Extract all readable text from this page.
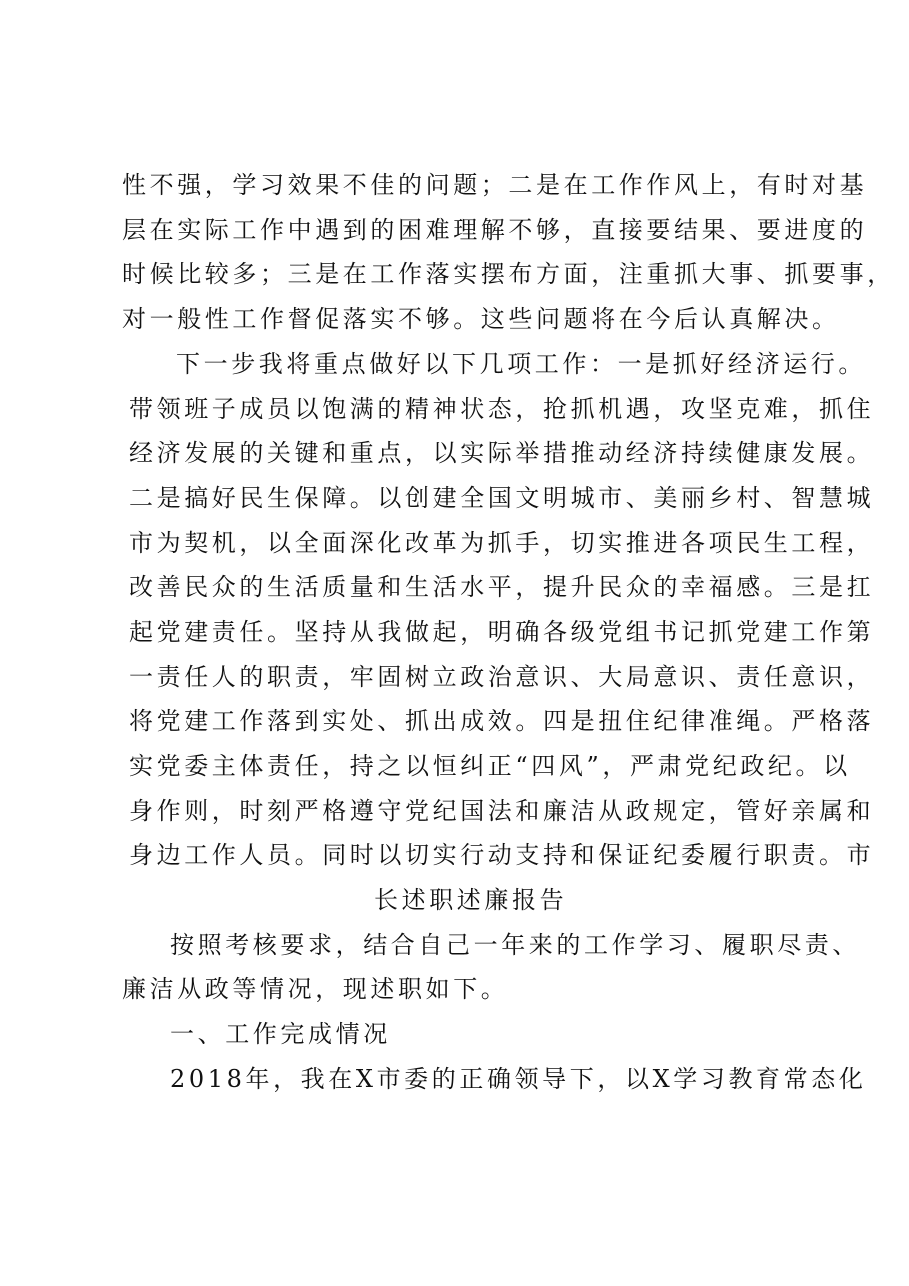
性不强，学习效果不佳的问题；二是在工作作风上，有时对基

层在实际工作中遇到的困难理解不够，直接要结果、要进度的

时候比较多；三是在工作落实摆布方面，注重抓大事、抓要事，

对一般性工作督促落实不够。这些问题将在今后认真解决。

下一步我将重点做好以下几项工作：一是抓好经济运行。

带领班子成员以饱满的精神状态，抢抓机遇，攻坚克难，抓住

经济发展的关键和重点，以实际举措推动经济持续健康发展。

二是搞好民生保障。以创建全国文明城市、美丽乡村、智慧城

市为契机，以全面深化改革为抓手，切实推进各项民生工程，

改善民众的生活质量和生活水平，提升民众的幸福感。三是扛

起党建责任。坚持从我做起，明确各级党组书记抓党建工作第

一责任人的职责，牢固树立政治意识、大局意识、责任意识，

将党建工作落到实处、抓出成效。四是扭住纪律准绳。严格落

实党委主体责任，持之以恒纠正“四风”，严肃党纪政纪。以

身作则，时刻严格遵守党纪国法和廉洁从政规定，管好亲属和

身边工作人员。同时以切实行动支持和保证纪委履行职责。市

长述职述廉报告

按照考核要求，结合自己一年来的工作学习、履职尽责、

廉洁从政等情况，现述职如下。

一、工作完成情况

2018年，我在X市委的正确领导下，以X学习教育常态化
